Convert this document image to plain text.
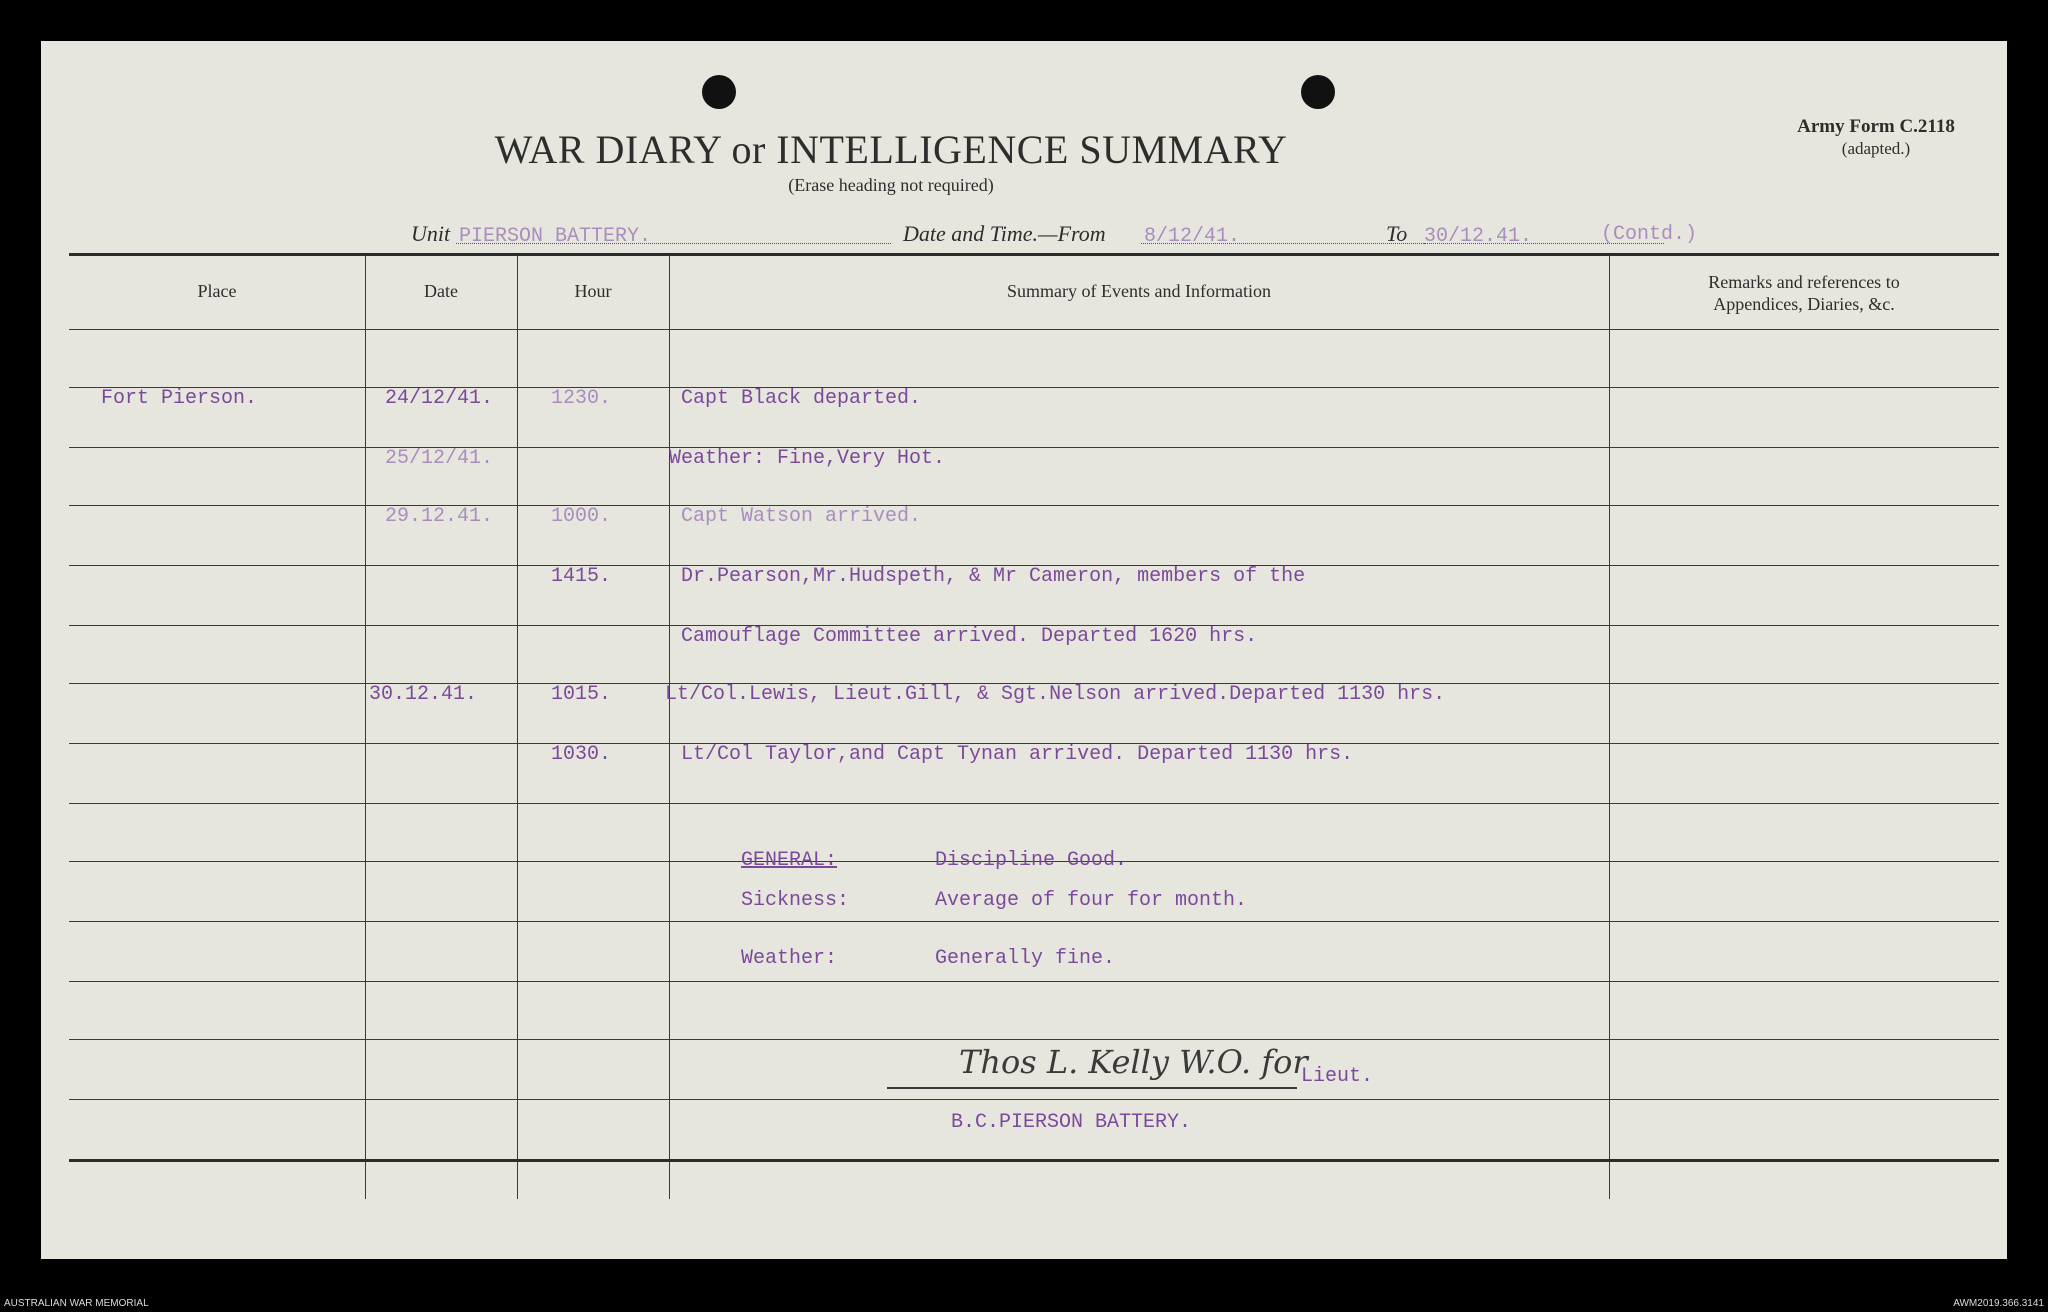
WAR DIARY or INTELLIGENCE SUMMARY
(Erase heading not required)
Army Form C.2118
(adapted.)
Unit PIERSON BATTERY.	Date and Time.—From 8/12/41.	To 30/12.41.	(Contd.)
Place	Date	Hour	Summary of Events and Information	Remarks and references to
Appendices, Diaries, &c.
Fort Pierson.	24/12/41.	1230.	Capt Black departed.
25/12/41.	Weather: Fine,Very Hot.
29.12.41.	1000.	Capt Watson arrived.
1415.	Dr.Pearson,Mr.Hudspeth, & Mr Cameron, members of the
Camouflage Committee arrived. Departed 1620 hrs.
30.12.41.	1015.	Lt/Col.Lewis, Lieut.Gill, & Sgt.Nelson arrived.Departed 1130 hrs.
1030.	Lt/Col Taylor,and Capt Tynan arrived. Departed 1130 hrs.
GENERAL:	Discipline Good.
Sickness:	Average of four for month.
Weather:	Generally fine.
Thos L. Kelly W.O. for
Lieut.
B.C.PIERSON BATTERY.
AUSTRALIAN WAR MEMORIAL	AWM2019.366.3141
